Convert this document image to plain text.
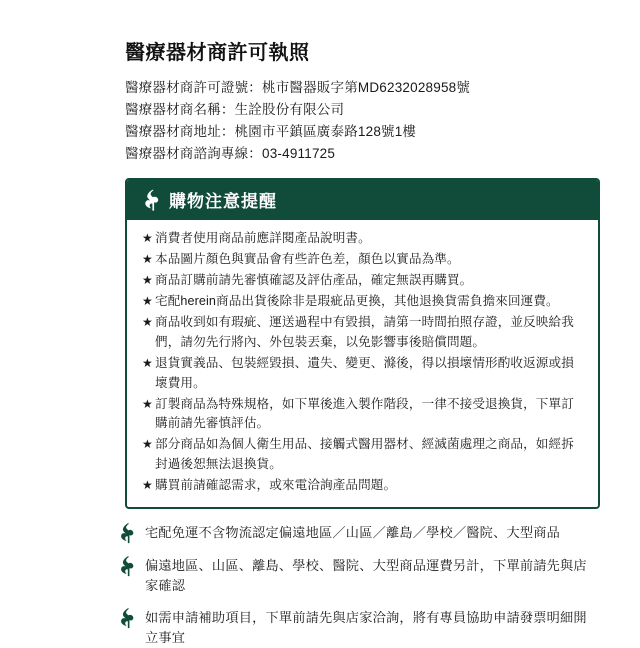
醫療器材商許可執照
醫療器材商許可證號：桃市醫器販字第MD6232028958號
醫療器材商名稱：生詮股份有限公司
醫療器材商地址：桃園市平鎮區廣泰路128號1樓
醫療器材商諮詢專線：03-4911725
購物注意提醒
★ 消費者使用商品前應詳閱產品說明書。
★ 本品圖片顏色與實品會有些許色差，顏色以實品為準。
★ 商品訂購前請先審慎確認及評估產品，確定無誤再購買。
★ 宅配herein商品出貨後除非是瑕疵品更換，其他退換貨需負擔來回運費。
★ 商品收到如有瑕疵、運送過程中有毀損，請第一時間拍照存證，並反映給我們，請勿先行將內、外包裝丟棄，以免影響事後賠償問題。
★ 退貨實義品、包裝經毀損、遺失、變更、滌後，得以損壞情形酌收返源或損壞費用。
★ 訂製商品為特殊規格，如下單後進入製作階段，一律不接受退換貨，下單訂購前請先審慎評估。
★ 部分商品如為個人衛生用品、接觸式醫用器材、經滅菌處理之商品，如經拆封過後恕無法退換貨。
★ 購買前請確認需求，或來電洽詢產品問題。
宅配免運不含物流認定偏遠地區／山區／離島／學校／醫院、大型商品
偏遠地區、山區、離島、學校、醫院、大型商品運費另計，下單前請先與店家確認
如需申請補助項目，下單前請先與店家洽詢，將有專員協助申請發票明細開立事宜
